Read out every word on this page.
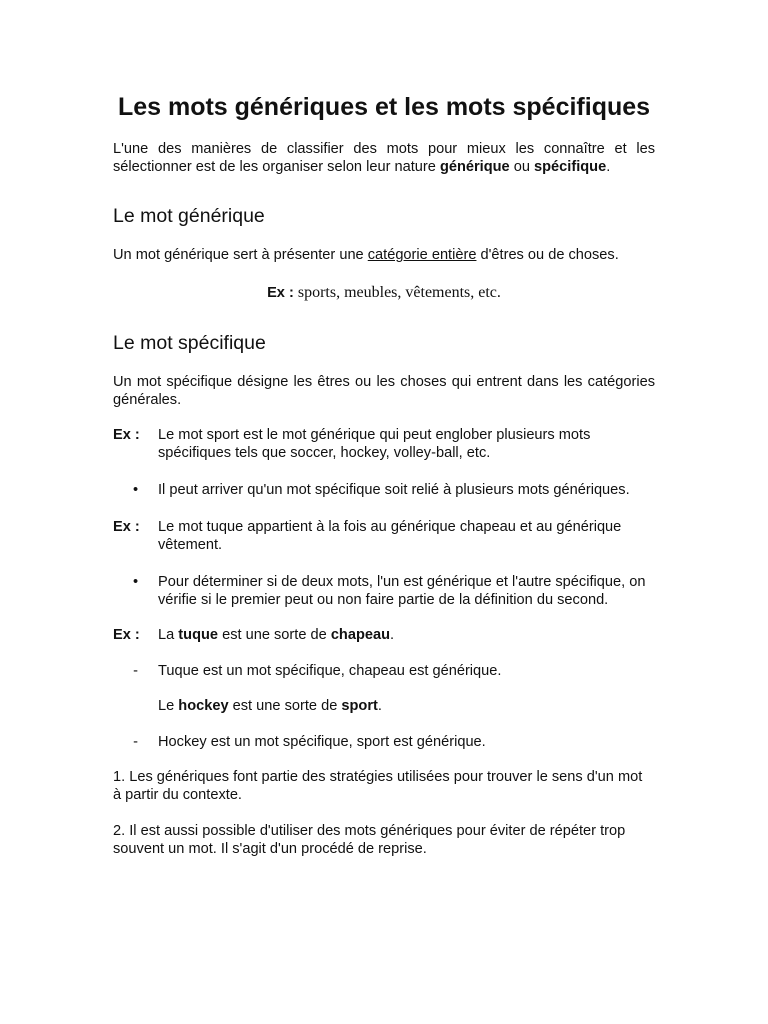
Les mots génériques et les mots spécifiques
L'une des manières de classifier des mots pour mieux les connaître et les sélectionner est de les organiser selon leur nature générique ou spécifique.
Le mot générique
Un mot générique sert à présenter une catégorie entière d'êtres ou de choses.
Ex : sports, meubles, vêtements, etc.
Le mot spécifique
Un mot spécifique désigne les êtres ou les choses qui entrent dans les catégories générales.
Ex :	Le mot sport est le mot générique qui peut englober plusieurs mots spécifiques tels que soccer, hockey, volley-ball, etc.
•	Il peut arriver qu'un mot spécifique soit relié à plusieurs mots génériques.
Ex :	Le mot tuque appartient à la fois au générique chapeau et au générique vêtement.
•	Pour déterminer si de deux mots, l'un est générique et l'autre spécifique, on vérifie si le premier peut ou non faire partie de la définition du second.
Ex :	La tuque est une sorte de chapeau.
-	Tuque est un mot spécifique, chapeau est générique.
Le hockey est une sorte de sport.
-	Hockey est un mot spécifique, sport est générique.
1. Les génériques font partie des stratégies utilisées pour trouver le sens d'un mot à partir du contexte.
2. Il est aussi possible d'utiliser des mots génériques pour éviter de répéter trop souvent un mot. Il s'agit d'un procédé de reprise.
